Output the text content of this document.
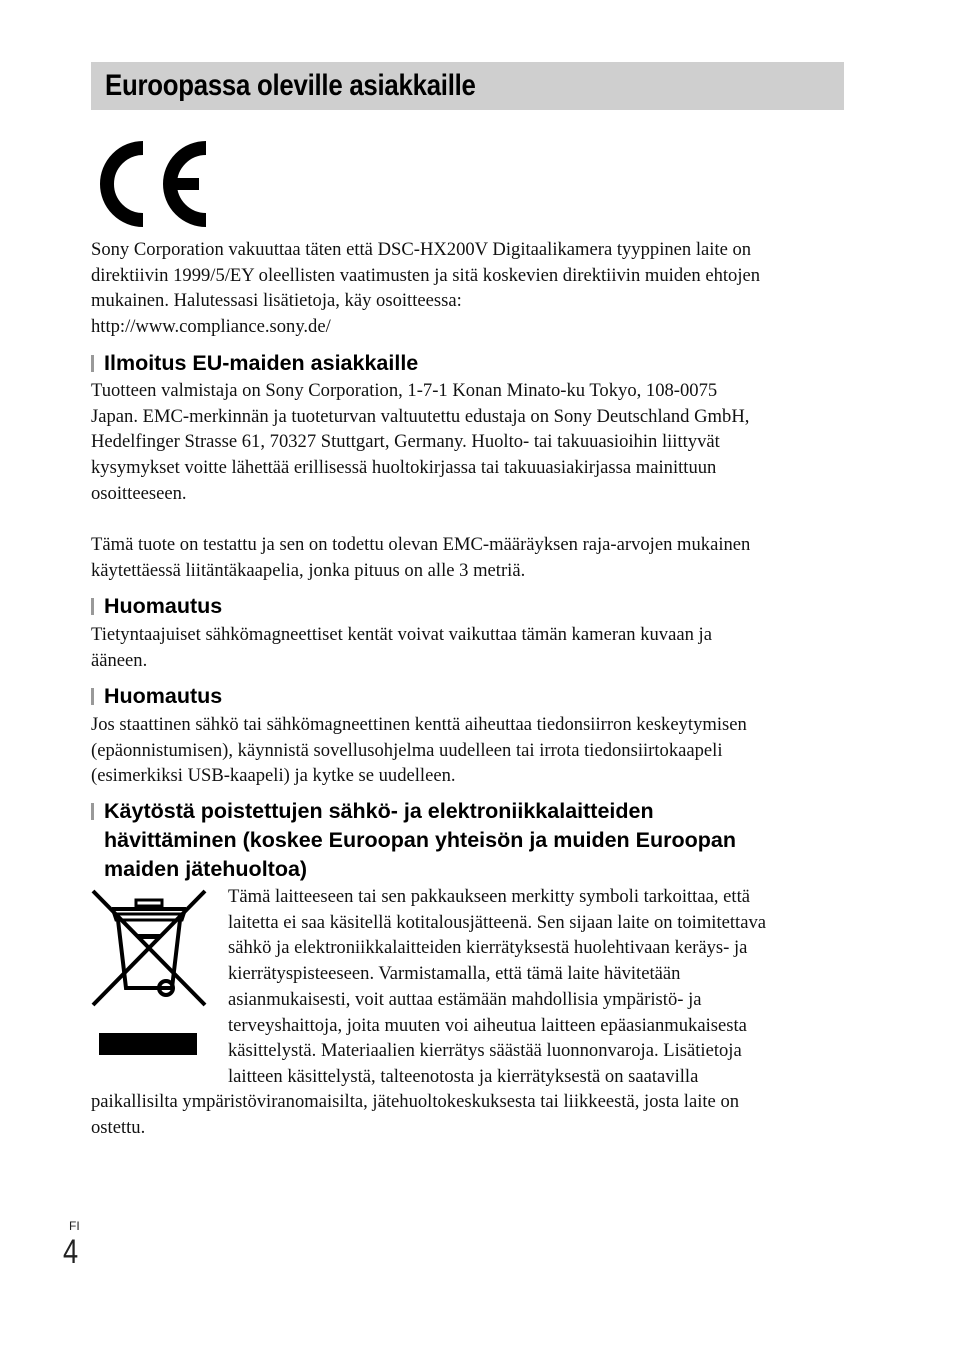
Euroopassa oleville asiakkaille

Sony Corporation vakuuttaa täten että DSC-HX200V Digitaalikamera tyyppinen laite on
direktiivin 1999/5/EY oleellisten vaatimusten ja sitä koskevien direktiivin muiden ehtojen
mukainen. Halutessasi lisätietoja, käy osoitteessa:
http://www.compliance.sony.de/

Ilmoitus EU-maiden asiakkaille

Tuotteen valmistaja on Sony Corporation, 1-7-1 Konan Minato-ku Tokyo, 108-0075
Japan. EMC-merkinnän ja tuoteturvan valtuutettu edustaja on Sony Deutschland GmbH,
Hedelfinger Strasse 61, 70327 Stuttgart, Germany. Huolto- tai takuuasioihin liittyvät
kysymykset voitte lähettää erillisessä huoltokirjassa tai takuuasiakirjassa mainittuun
osoitteeseen.

Tämä tuote on testattu ja sen on todettu olevan EMC-määräyksen raja-arvojen mukainen
käytettäessä liitäntäkaapelia, jonka pituus on alle 3 metriä.

Huomautus

Tietyntaajuiset sähkömagneettiset kentät voivat vaikuttaa tämän kameran kuvaan ja
ääneen.

Huomautus

Jos staattinen sähkö tai sähkömagneettinen kenttä aiheuttaa tiedonsiirron keskeytymisen
(epäonnistumisen), käynnistä sovellusohjelma uudelleen tai irrota tiedonsiirtokaapeli
(esimerkiksi USB-kaapeli) ja kytke se uudelleen.

Käytöstä poistettujen sähkö- ja elektroniikkalaitteiden
hävittäminen (koskee Euroopan yhteisön ja muiden Euroopan
maiden jätehuoltoa)

Tämä laitteeseen tai sen pakkaukseen merkitty symboli tarkoittaa, että
laitetta ei saa käsitellä kotitalousjätteenä. Sen sijaan laite on toimitettava
sähkö ja elektroniikkalaitteiden kierrätyksestä huolehtivaan keräys- ja
kierrätyspisteeseen. Varmistamalla, että tämä laite hävitetään
asianmukaisesti, voit auttaa estämään mahdollisia ympäristö- ja
terveyshaittoja, joita muuten voi aiheutua laitteen epäasianmukaisesta
käsittelystä. Materiaalien kierrätys säästää luonnonvaroja. Lisätietoja
laitteen käsittelystä, talteenotosta ja kierrätyksestä on saatavilla

paikallisilta ympäristöviranomaisilta, jätehuoltokeskuksesta tai liikkeestä, josta laite on
ostettu.

FI
4
